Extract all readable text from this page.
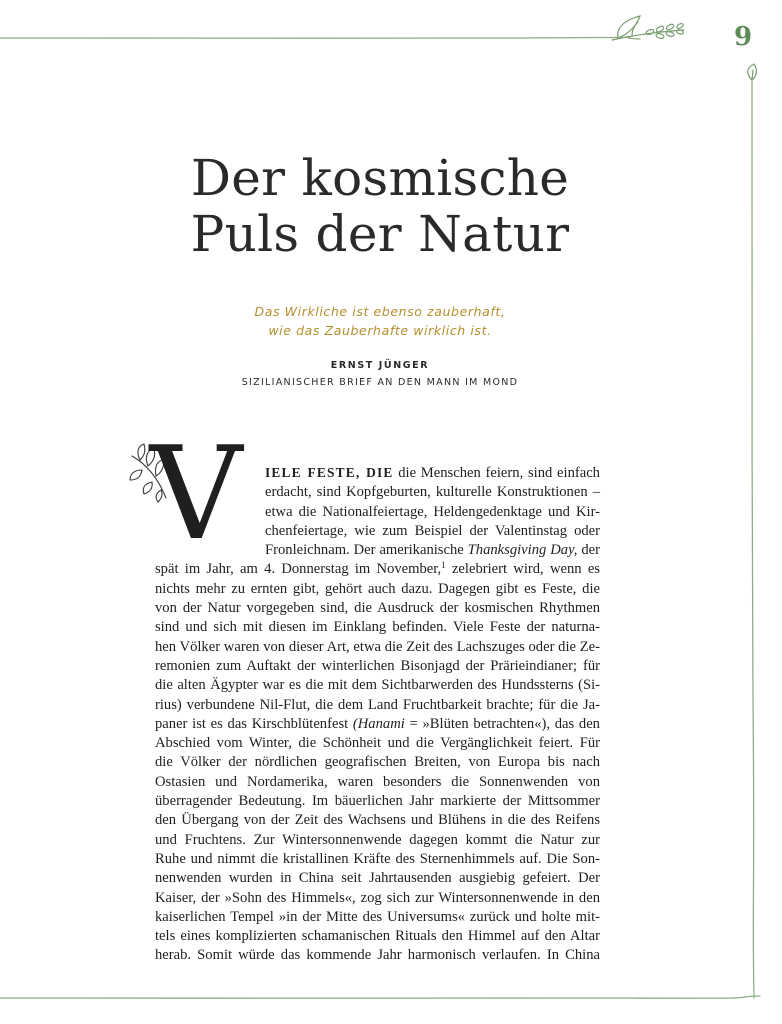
9
Der kosmische
Puls der Natur
Das Wirkliche ist ebenso zauberhaft,
wie das Zauberhafte wirklich ist.
ERNST JÜNGER
SIZILIANISCHER BRIEF AN DEN MANN IM MOND
V	IELE FESTE, DIE die Menschen feiern, sind einfach
erdacht, sind Kopfgeburten, kulturelle Konstruktionen –
etwa die Nationalfeiertage, Heldengedenktage und Kir-
chenfeiertage, wie zum Beispiel der Valentinstag oder
Fronleichnam. Der amerikanische Thanksgiving Day, der
spät im Jahr, am 4. Donnerstag im November,$^1$ zelebriert wird, wenn es
nichts mehr zu ernten gibt, gehört auch dazu. Dagegen gibt es Feste, die
von der Natur vorgegeben sind, die Ausdruck der kosmischen Rhythmen
sind und sich mit diesen im Einklang befinden. Viele Feste der naturna-
hen Völker waren von dieser Art, etwa die Zeit des Lachszuges oder die Ze-
remonien zum Auftakt der winterlichen Bisonjagd der Prärieindianer; für
die alten Ägypter war es die mit dem Sichtbarwerden des Hundssterns (Si-
rius) verbundene Nil-Flut, die dem Land Fruchtbarkeit brachte; für die Ja-
paner ist es das Kirschblütenfest (Hanami = »Blüten betrachten«), das den
Abschied vom Winter, die Schönheit und die Vergänglichkeit feiert. Für
die Völker der nördlichen geografischen Breiten, von Europa bis nach
Ostasien und Nordamerika, waren besonders die Sonnenwenden von
überragender Bedeutung. Im bäuerlichen Jahr markierte der Mittsommer
den Übergang von der Zeit des Wachsens und Blühens in die des Reifens
und Fruchtens. Zur Wintersonnenwende dagegen kommt die Natur zur
Ruhe und nimmt die kristallinen Kräfte des Sternenhimmels auf. Die Son-
nenwenden wurden in China seit Jahrtausenden ausgiebig gefeiert. Der
Kaiser, der »Sohn des Himmels«, zog sich zur Wintersonnenwende in den
kaiserlichen Tempel »in der Mitte des Universums« zurück und holte mit-
tels eines komplizierten schamanischen Rituals den Himmel auf den Altar
herab. Somit würde das kommende Jahr harmonisch verlaufen. In China
